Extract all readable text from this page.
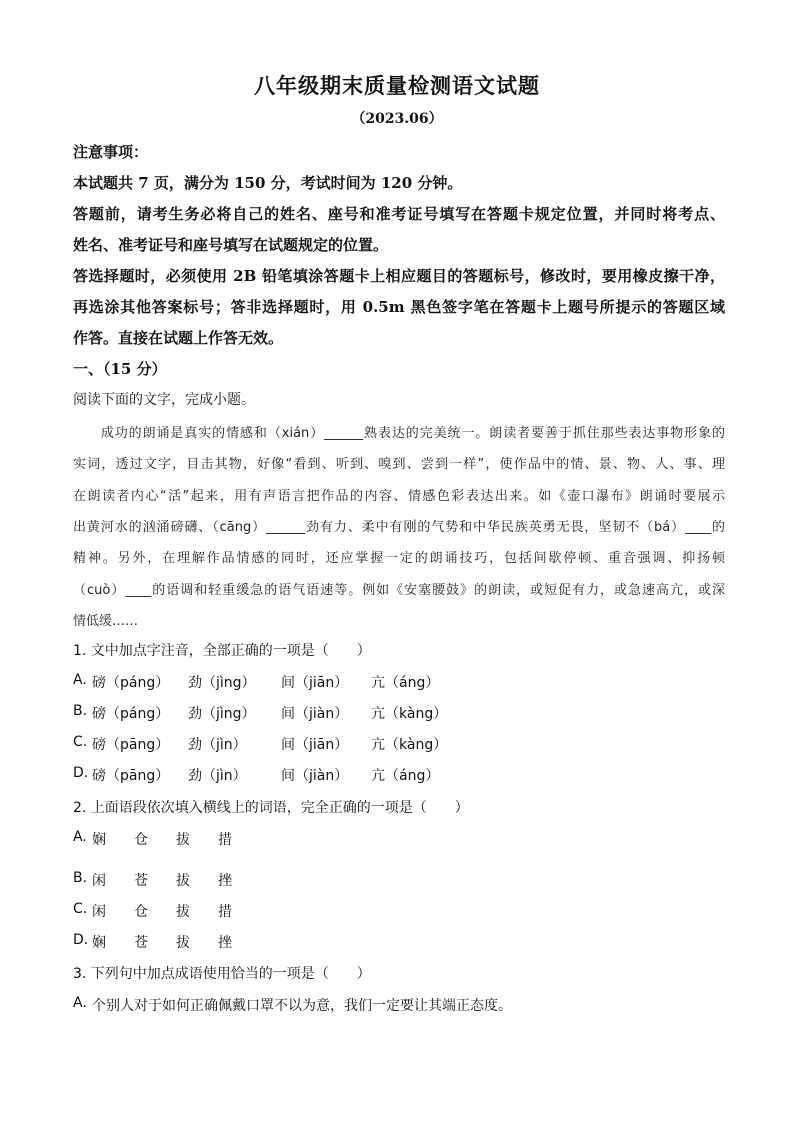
八年级期末质量检测语文试题
（2023.06）
注意事项：
本试题共 7 页，满分为 150 分，考试时间为 120 分钟。
答题前，请考生务必将自己的姓名、座号和准考证号填写在答题卡规定位置，并同时将考点、
姓名、准考证号和座号填写在试题规定的位置。
答选择题时，必须使用 2B 铅笔填涂答题卡上相应题目的答题标号，修改时，要用橡皮擦干净，
再选涂其他答案标号；答非选择题时，用 0.5m 黑色签字笔在答题卡上题号所提示的答题区域
作答。直接在试题上作答无效。
一、（15 分）
阅读下面的文字，完成小题。
　　成功的朗诵是真实的情感和（xián）______熟表达的完美统一。朗读者要善于抓住那些表达事物形象的
实词，透过文字，目击其物，好像“看到、听到、嗅到、尝到一样”，使作品中的情、景、物、人、事、理
在朗读者内心“活”起来，用有声语言把作品的内容、情感色彩表达出来。如《壶口瀑布》朗诵时要展示
出黄河水的汹涌磅礴、（cāng）______劲有力、柔中有刚的气势和中华民族英勇无畏，坚韧不（bá）____的
精神。另外，在理解作品情感的同时，还应掌握一定的朗诵技巧，包括间歇停顿、重音强调、抑扬顿
（cuò）____的语调和轻重缓急的语气语速等。例如《安塞腰鼓》的朗读，或短促有力，或急速高亢，或深
情低缓……
1. 文中加点字注音，全部正确的一项是（　　）
A. 磅（páng） 劲（jìng） 间（jiān） 亢（áng）
B. 磅（páng） 劲（jìng） 间（jiàn） 亢（kàng）
C. 磅（pāng） 劲（jìn） 间（jiān） 亢（kàng）
D. 磅（pāng） 劲（jìn） 间（jiàn） 亢（áng）
2. 上面语段依次填入横线上的词语，完全正确的一项是（　　）
A. 娴 仓 拔 措
B. 闲 苍 拔 挫
C. 闲 仓 拔 措
D. 娴 苍 拔 挫
3. 下列句中加点成语使用恰当的一项是（　　）
A. 个别人对于如何正确佩戴口罩不以为意，我们一定要让其端正态度。
